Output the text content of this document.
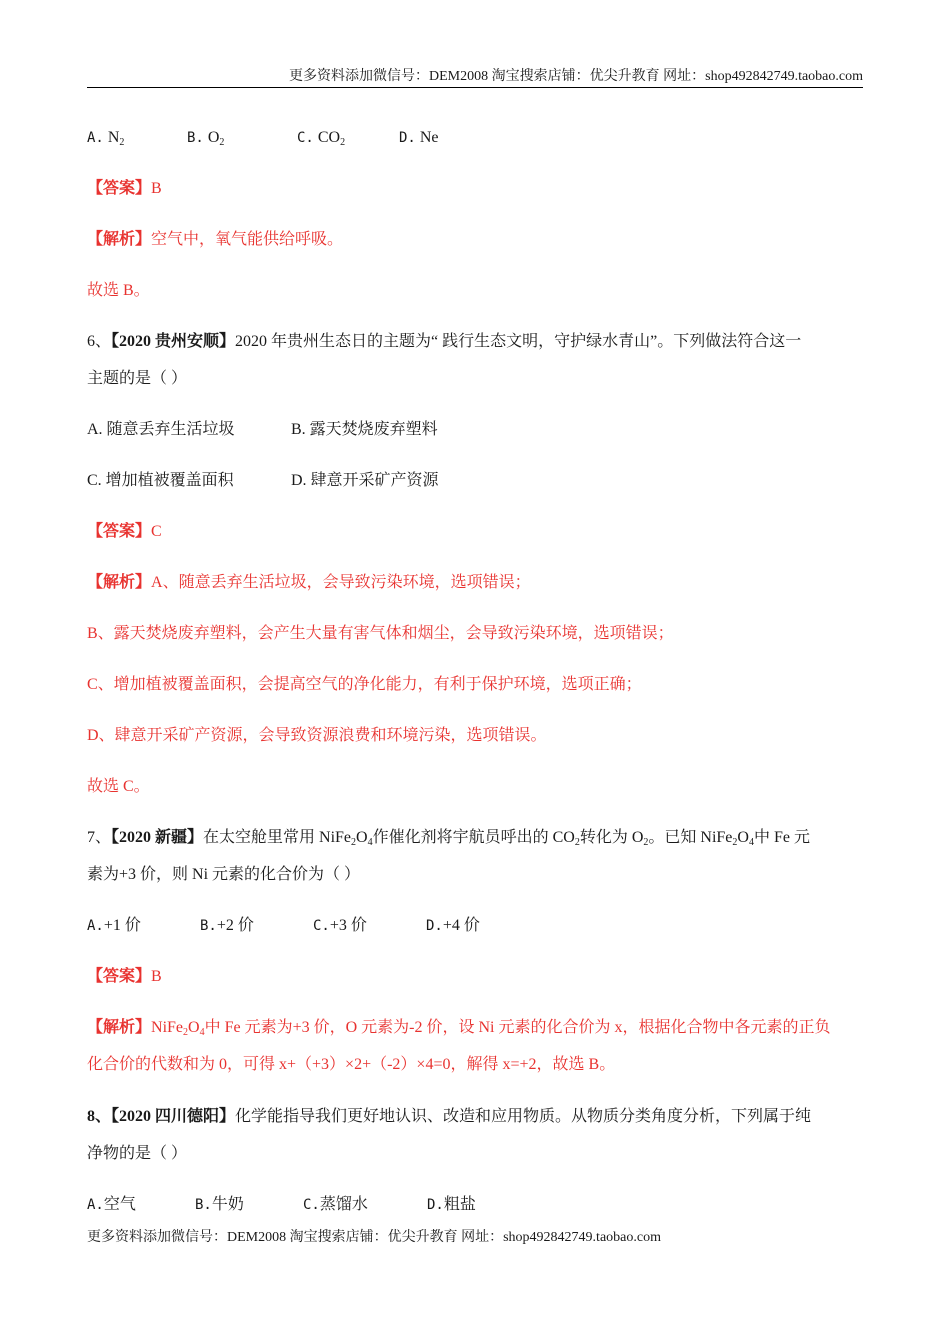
更多资料添加微信号：DEM2008 淘宝搜索店铺：优尖升教育 网址：shop492842749.taobao.com
A. $N_2$	B. $O_2$	C. $CO_2$	D. Ne
【答案】B
【解析】空气中，氧气能供给呼吸。
故选 B。
6、【2020 贵州安顺】2020 年贵州生态日的主题为“ 践行生态文明，守护绿水青山”。下列做法符合这一
主题的是（ ）
A. 随意丢弃生活垃圾	B. 露天焚烧废弃塑料
C. 增加植被覆盖面积	D. 肆意开采矿产资源
【答案】C
【解析】A、随意丢弃生活垃圾，会导致污染环境，选项错误；
B、露天焚烧废弃塑料，会产生大量有害气体和烟尘，会导致污染环境，选项错误；
C、增加植被覆盖面积，会提高空气的净化能力，有利于保护环境，选项正确；
D、肆意开采矿产资源，会导致资源浪费和环境污染，选项错误。
故选 C。
7、【2020 新疆】在太空舱里常用 $NiFe_2O_4$作催化剂将宇航员呼出的 $CO_2$转化为 $O_2$。已知 $NiFe_2O_4$中 Fe 元
素为+3 价，则 Ni 元素的化合价为（ ）
A.+1 价	B.+2 价	C.+3 价	D.+4 价
【答案】B
【解析】$NiFe_2O_4$中 Fe 元素为+3 价，O 元素为-2 价，设 Ni 元素的化合价为 x，根据化合物中各元素的正负
化合价的代数和为 0，可得 x+（+3）×2+（-2）×4=0，解得 x=+2，故选 B。
8、【2020 四川德阳】化学能指导我们更好地认识、改造和应用物质。从物质分类角度分析，下列属于纯
净物的是（ ）
A.空气	B.牛奶	C.蒸馏水	D.粗盐
更多资料添加微信号：DEM2008 淘宝搜索店铺：优尖升教育 网址：shop492842749.taobao.com
